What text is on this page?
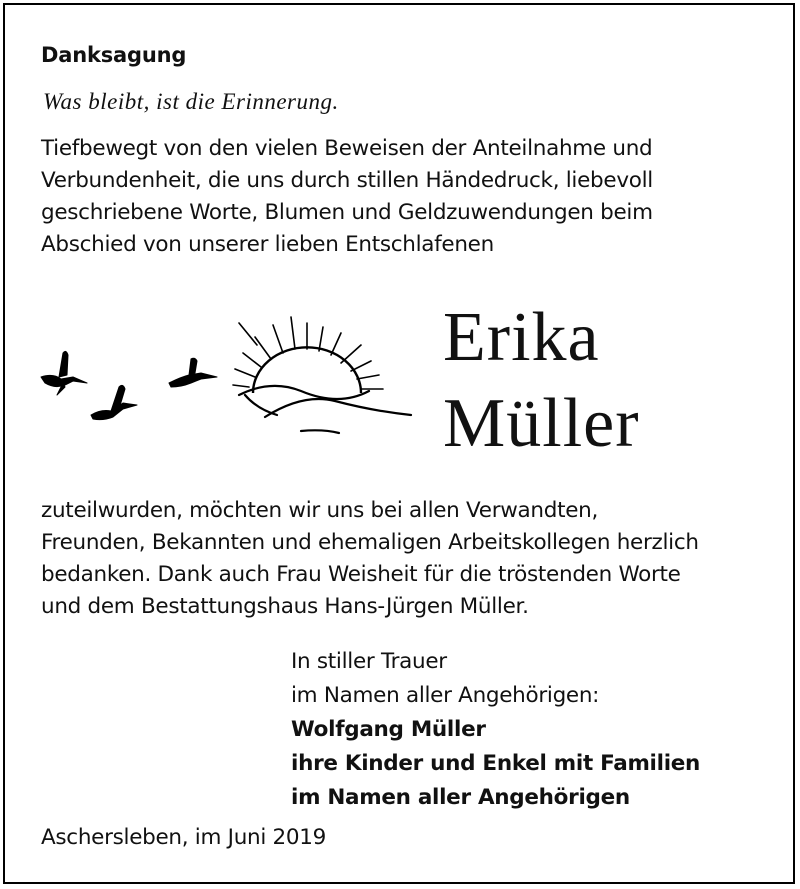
Danksagung
Was bleibt, ist die Erinnerung.
Tiefbewegt von den vielen Beweisen der Anteilnahme und
Verbundenheit, die uns durch stillen Händedruck, liebevoll
geschriebene Worte, Blumen und Geldzuwendungen beim
Abschied von unserer lieben Entschlafenen
Erika
Müller
zuteilwurden, möchten wir uns bei allen Verwandten,
Freunden, Bekannten und ehemaligen Arbeitskollegen herzlich
bedanken. Dank auch Frau Weisheit für die tröstenden Worte
und dem Bestattungshaus Hans-Jürgen Müller.
In stiller Trauer
im Namen aller Angehörigen:
Wolfgang Müller
ihre Kinder und Enkel mit Familien
im Namen aller Angehörigen
Aschersleben, im Juni 2019
